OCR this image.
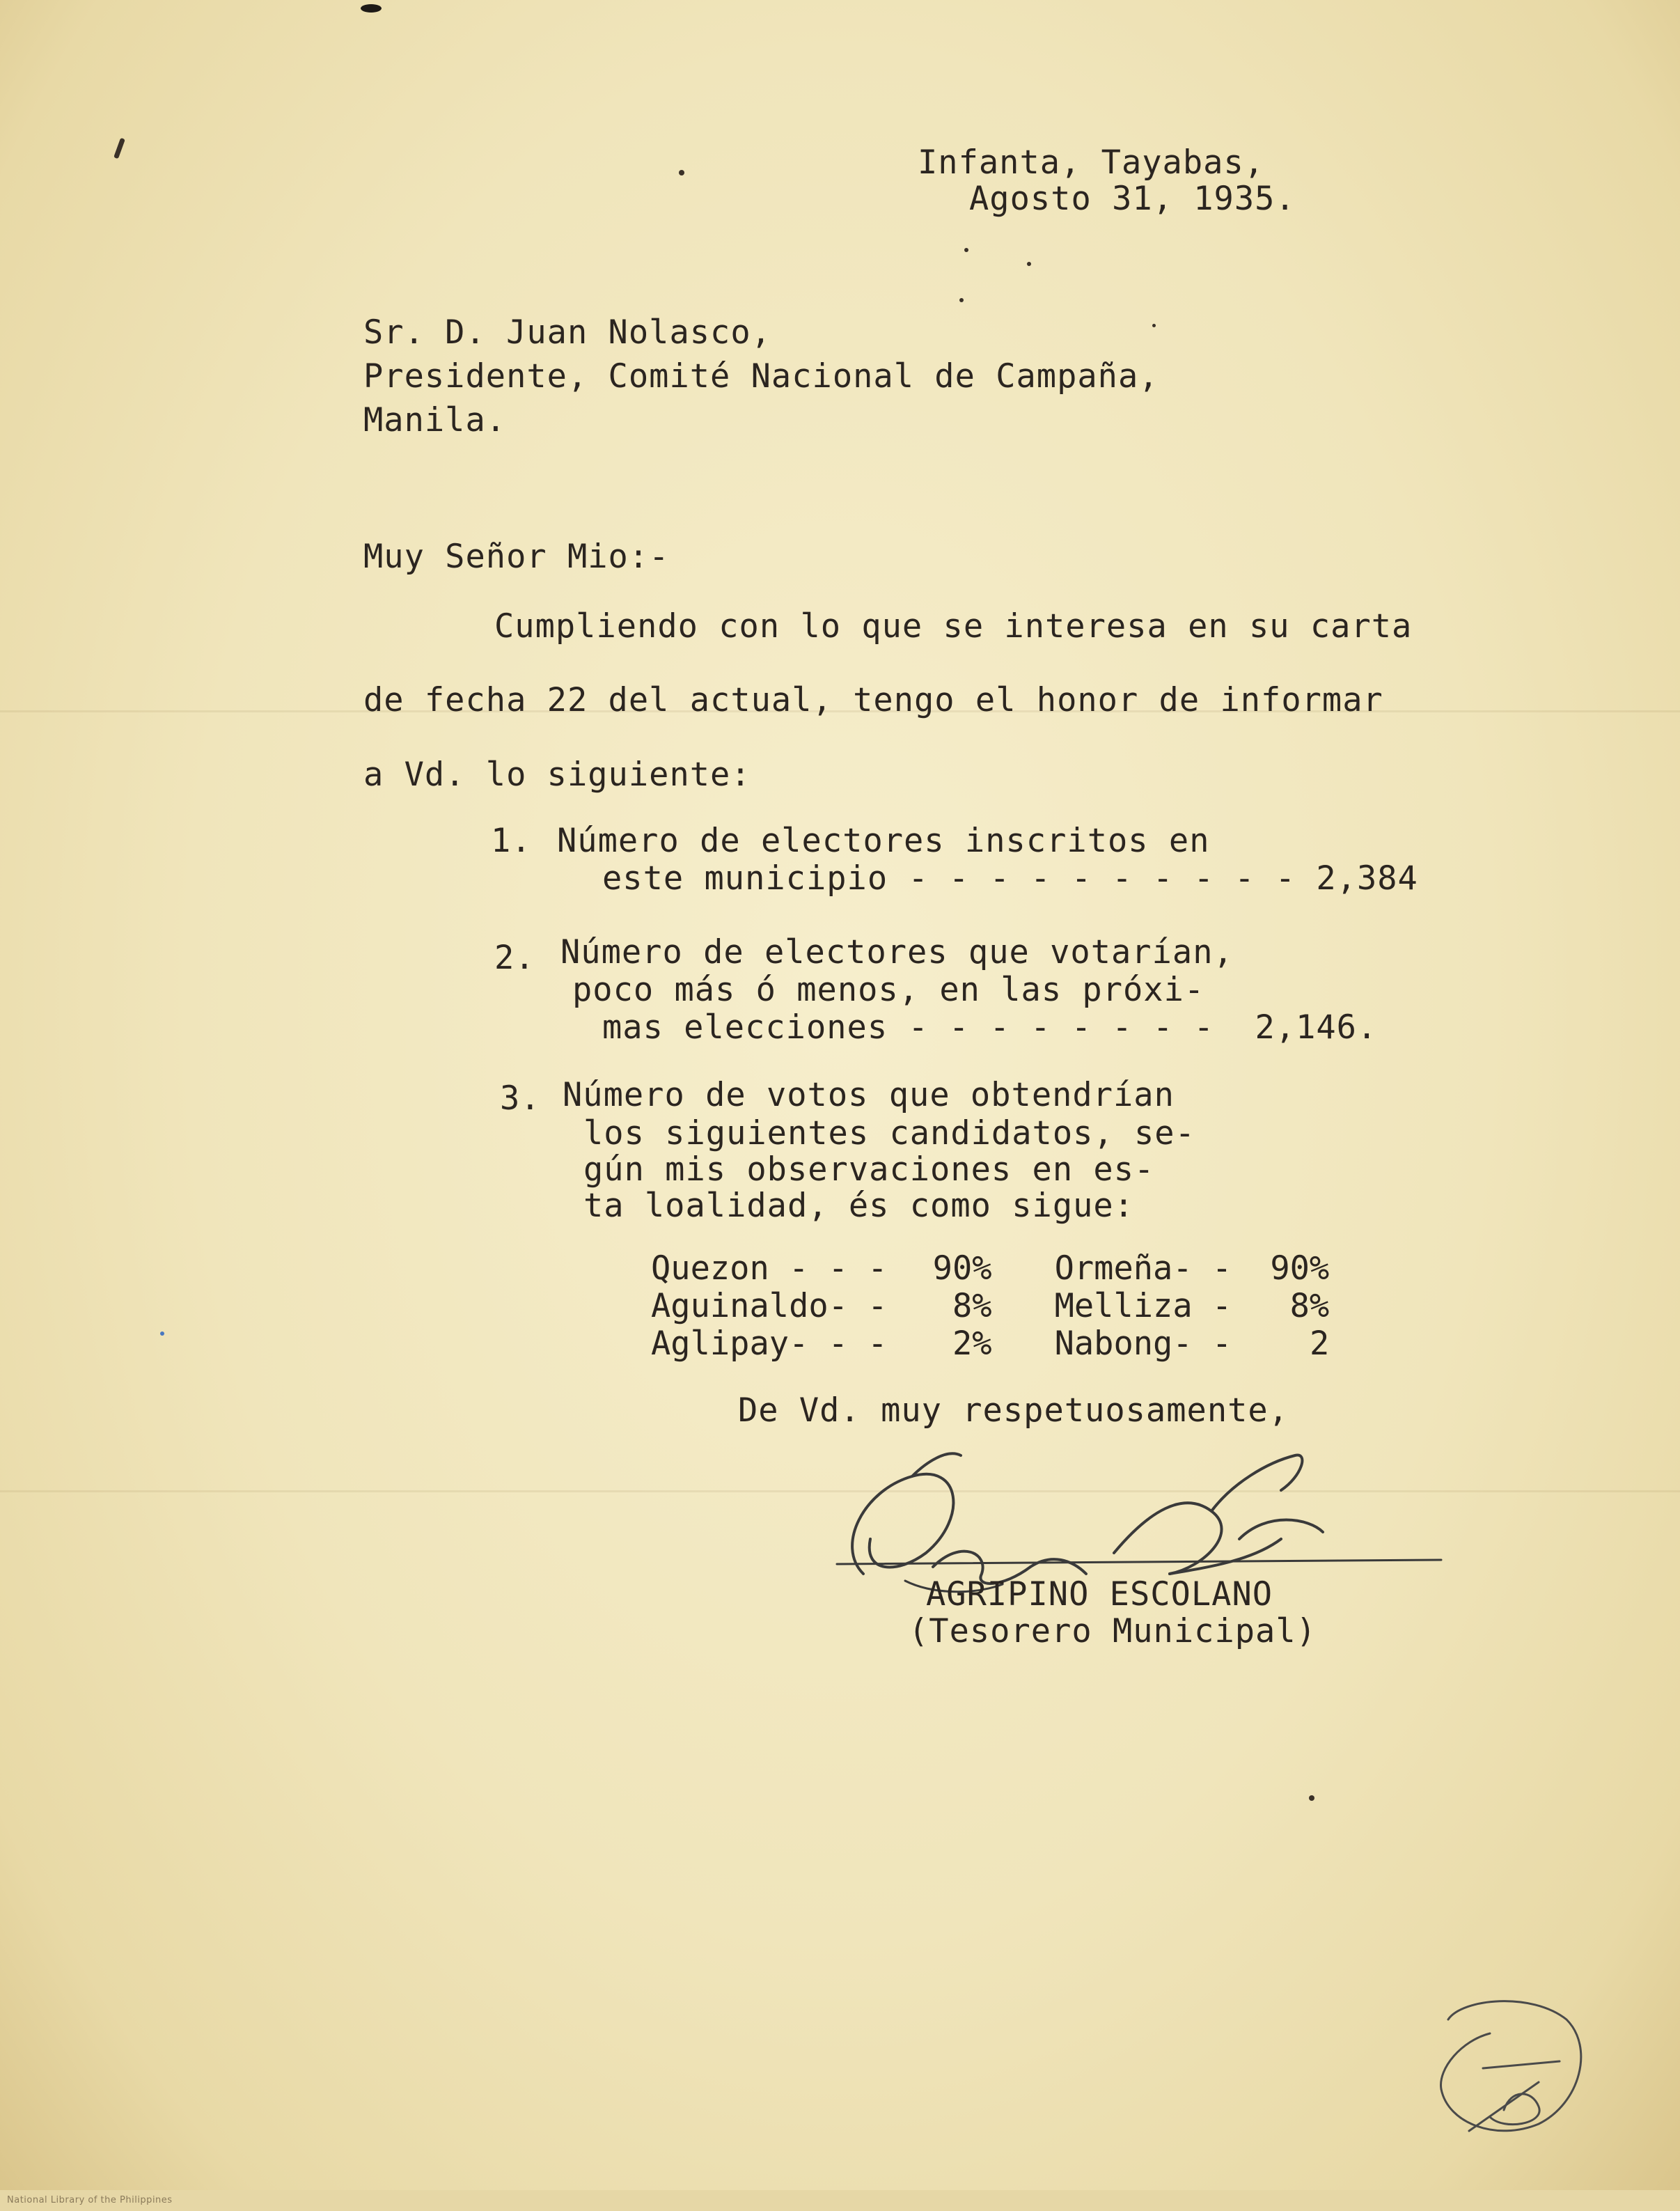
Infanta, Tayabas,

Agosto 31, 1935.

Sr. D. Juan Nolasco,

Presidente, Comité Nacional de Campaña,

Manila.

Muy Señor Mio:-

Cumpliendo con lo que se interesa en su carta

de fecha 22 del actual, tengo el honor de informar

a Vd. lo siguiente:

1. Número de electores inscritos en

este municipio - - - - - - - - - - 2,384

2. Número de electores que votarían,

poco más ó menos, en las próxi-

mas elecciones - - - - - - - -  2,146.

3. Número de votos que obtendrían

los siguientes candidatos, se-

gún mis observaciones en es-

ta loalidad, és como sigue:

Quezon - - -	90%		Ormeña- -	90%
Aguinaldo- -	8%		Melliza -	8%
Aglipay- - -	2%		Nabong- -	2

De Vd. muy respetuosamente,

AGRIPINO ESCOLANO

(Tesorero Municipal)

National Library of the Philippines
